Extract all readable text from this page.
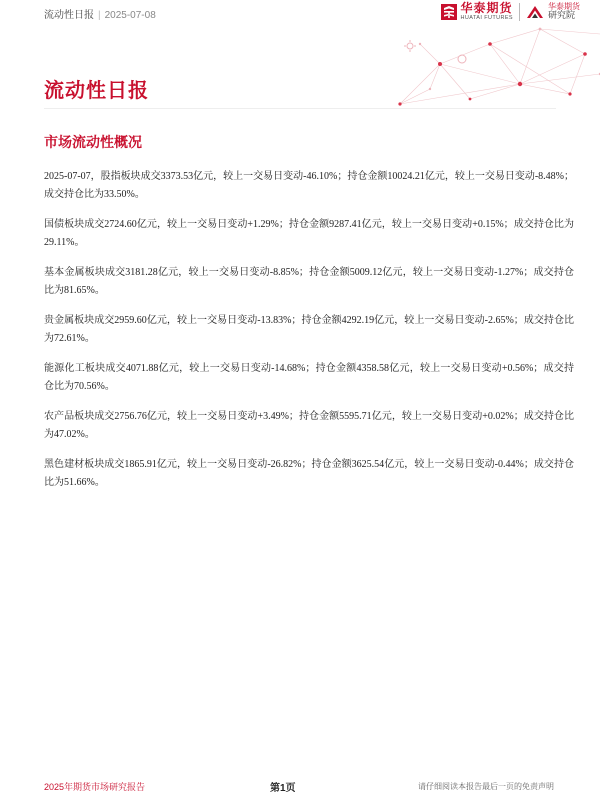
流动性日报 | 2025-07-08
华泰期货
HUATAI FUTURES
华泰期货
研究院
流动性日报
市场流动性概况

2025-07-07，股指板块成交3373.53亿元，较上一交易日变动-46.10%；持仓金额10024.21亿元，较上一交易日变动-8.48%；成交持仓比为33.50%。

国债板块成交2724.60亿元，较上一交易日变动+1.29%；持仓金额9287.41亿元，较上一交易日变动+0.15%；成交持仓比为29.11%。

基本金属板块成交3181.28亿元，较上一交易日变动-8.85%；持仓金额5009.12亿元，较上一交易日变动-1.27%；成交持仓比为81.65%。

贵金属板块成交2959.60亿元，较上一交易日变动-13.83%；持仓金额4292.19亿元，较上一交易日变动-2.65%；成交持仓比为72.61%。

能源化工板块成交4071.88亿元，较上一交易日变动-14.68%；持仓金额4358.58亿元，较上一交易日变动+0.56%；成交持仓比为70.56%。

农产品板块成交2756.76亿元，较上一交易日变动+3.49%；持仓金额5595.71亿元，较上一交易日变动+0.02%；成交持仓比为47.02%。

黑色建材板块成交1865.91亿元，较上一交易日变动-26.82%；持仓金额3625.54亿元，较上一交易日变动-0.44%；成交持仓比为51.66%。

2025年期货市场研究报告	第1页	请仔细阅读本报告最后一页的免责声明
